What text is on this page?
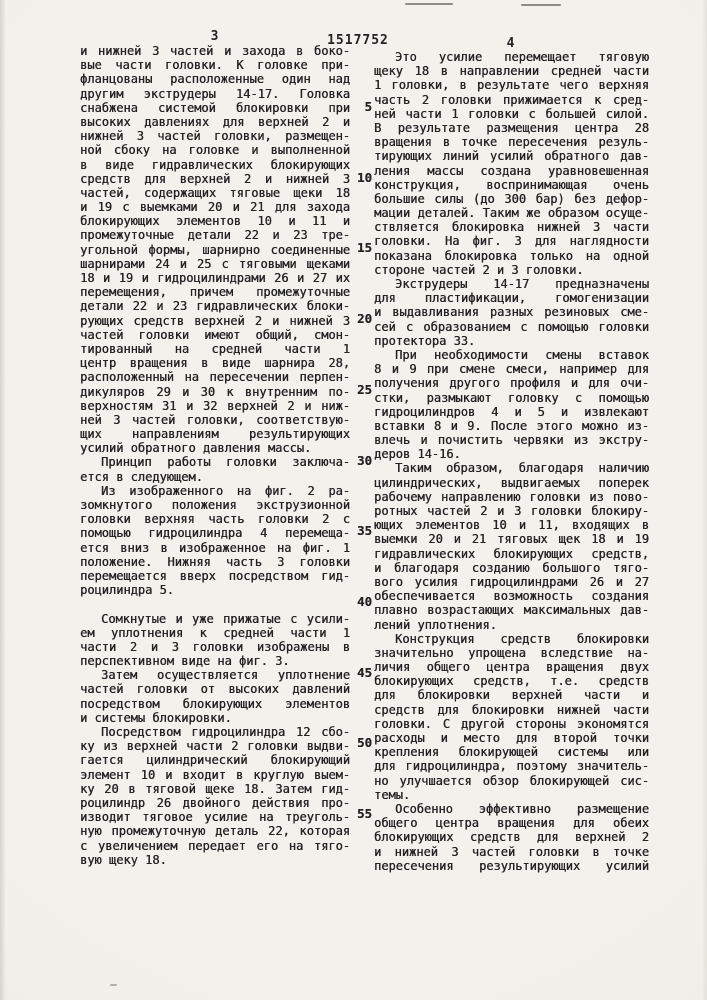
3	1517752	4
и нижней 3 частей и захода в боко-
вые части головки. К головке при-
фланцованы расположенные один над
другим экструдеры 14-17. Головка
снабжена системой блокировки при
высоких давлениях для верхней 2 и
нижней 3 частей головки, размещен-
ной сбоку на головке и выполненной
в виде гидравлических блокирующих
средств для верхней 2 и нижней 3
частей, содержащих тяговые щеки 18
и 19 с выемками 20 и 21 для захода
блокирующих элементов 10 и 11 и
промежуточные детали 22 и 23 тре-
угольной формы, шарнирно соединенные
шарнирами 24 и 25 с тяговыми щеками
18 и 19 и гидроцилиндрами 26 и 27 их
перемещения, причем промежуточные
детали 22 и 23 гидравлических блоки-
рующих средств верхней 2 и нижней 3
частей головки имеют общий, смон-
тированный на средней части 1
центр вращения в виде шарнира 28,
расположенный на пересечении перпен-
дикуляров 29 и 30 к внутренним по-
верхностям 31 и 32 верхней 2 и ниж-
ней 3 частей головки, соответствую-
щих направлениям результирующих
усилий обратного давления массы.
Принцип работы головки заключа-
ется в следующем.
Из изображенного на фиг. 2 ра-
зомкнутого положения экструзионной
головки верхняя часть головки 2 с
помощью гидроцилиндра 4 перемеща-
ется вниз в изображенное на фиг. 1
положение. Нижняя часть 3 головки
перемещается вверх посредством гид-
роцилиндра 5.
Сомкнутые и уже прижатые с усили-
ем уплотнения к средней части 1
части 2 и 3 головки изображены в
перспективном виде на фиг. 3.
Затем осуществляется уплотнение
частей головки от высоких давлений
посредством блокирующих элементов
и системы блокировки.
Посредством гидроцилиндра 12 сбо-
ку из верхней части 2 головки выдви-
гается цилиндрический блокирующий
элемент 10 и входит в круглую выем-
ку 20 в тяговой щеке 18. Затем гид-
роцилиндр 26 двойного действия про-
изводит тяговое усилие на треуголь-
ную промежуточную деталь 22, которая
с увеличением передает его на тяго-
вую щеку 18.
Это усилие перемещает тяговую
щеку 18 в направлении средней части
1 головки, в результате чего верхняя
часть 2 головки прижимается к сред-
ней части 1 головки с большей силой.
В результате размещения центра 28
вращения в точке пересечения резуль-
тирующих линий усилий обратного дав-
ления массы создана уравновешенная
конструкция, воспринимающая очень
большие силы (до 300 бар) без дефор-
мации деталей. Таким же образом осуще-
ствляется блокировка нижней 3 части
головки. На фиг. 3 для наглядности
показана блокировка только на одной
стороне частей 2 и 3 головки.
Экструдеры 14-17 предназначены
для пластификации, гомогенизации
и выдавливания разных резиновых сме-
сей с образованием с помощью головки
протектора 33.
При необходимости смены вставок
8 и 9 при смене смеси, например для
получения другого профиля и для очи-
стки, размыкают головку с помощью
гидроцилиндров 4 и 5 и извлекают
вставки 8 и 9. После этого можно из-
влечь и почистить червяки из экстру-
деров 14-16.
Таким образом, благодаря наличию
цилиндрических, выдвигаемых поперек
рабочему направлению головки из пово-
ротных частей 2 и 3 головки блокиру-
ющих элементов 10 и 11, входящих в
выемки 20 и 21 тяговых щек 18 и 19
гидравлических блокирующих средств,
и благодаря созданию большого тяго-
вого усилия гидроцилиндрами 26 и 27
обеспечивается возможность создания
плавно возрастающих максимальных дав-
лений уплотнения.
Конструкция средств блокировки
значительно упрощена вследствие на-
личия общего центра вращения двух
блокирующих средств, т.е. средств
для блокировки верхней части и
средств для блокировки нижней части
головки. С другой стороны экономятся
расходы и место для второй точки
крепления блокирующей системы или
для гидроцилиндра, поэтому значитель-
но улучшается обзор блокирующей сис-
темы.
Особенно эффективно размещение
общего центра вращения для обеих
блокирующих средств для верхней 2
и нижней 3 частей головки в точке
пересечения результирующих усилий
5
10
15
20
25
30
35
40
45
50
55
